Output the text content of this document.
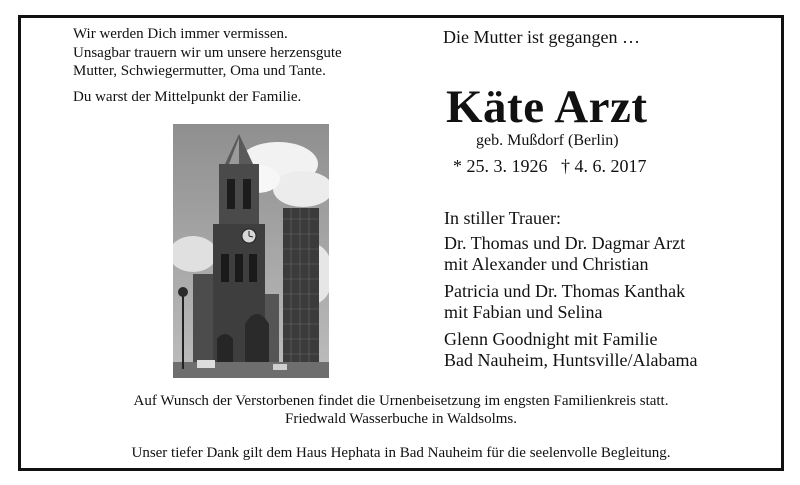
Wir werden Dich immer vermissen.

Unsagbar trauern wir um unsere herzensgute

Mutter, Schwiegermutter, Oma und Tante.

Du warst der Mittelpunkt der Familie.

Die Mutter ist gegangen …

Käte Arzt

geb. Mußdorf (Berlin)

* 25. 3. 1926 † 4. 6. 2017

In stiller Trauer:

Dr. Thomas und Dr. Dagmar Arzt
mit Alexander und Christian
Patricia und Dr. Thomas Kanthak
mit Fabian und Selina
Glenn Goodnight mit Familie
Bad Nauheim, Huntsville/Alabama
Auf Wunsch der Verstorbenen findet die Urnenbeisetzung im engsten Familienkreis statt.
Friedwald Wasserbuche in Waldsolms.
Unser tiefer Dank gilt dem Haus Hephata in Bad Nauheim für die seelenvolle Begleitung.
